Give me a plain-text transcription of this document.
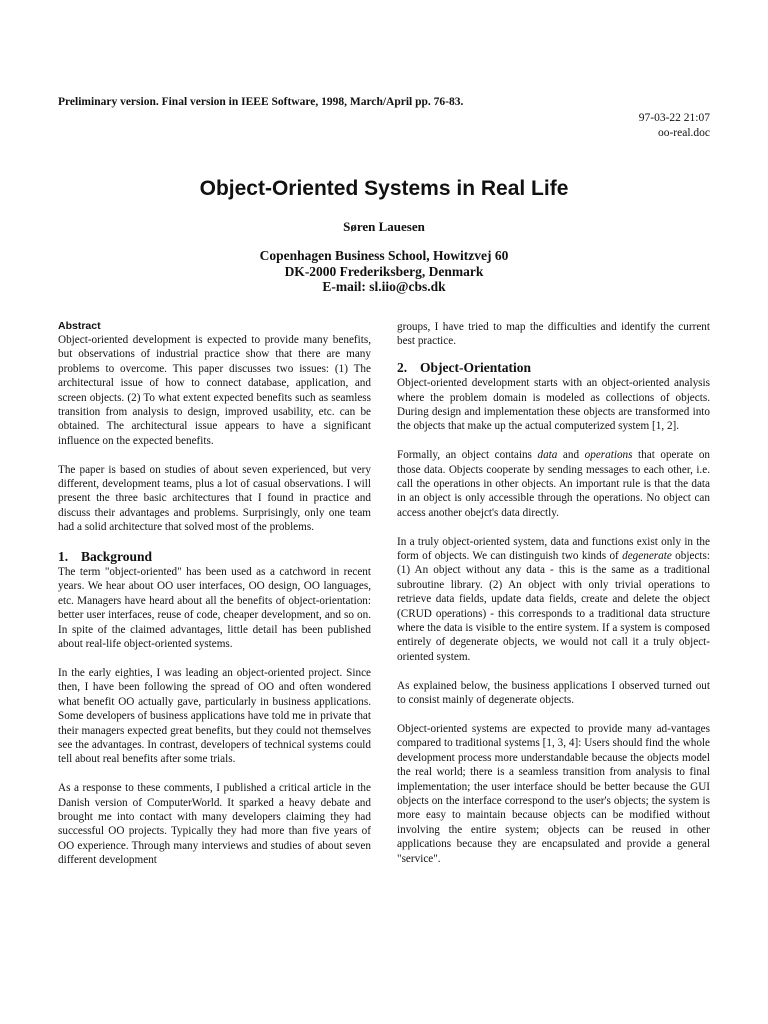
Preliminary version. Final version in IEEE Software, 1998, March/April pp. 76-83.
97-03-22 21:07
oo-real.doc
Object-Oriented Systems in Real Life
Søren Lauesen
Copenhagen Business School, Howitzvej 60
DK-2000 Frederiksberg, Denmark
E-mail: sl.iio@cbs.dk
Abstract

Object-oriented development is expected to provide many benefits, but observations of industrial practice show that there are many problems to overcome. This paper discusses two issues: (1) The architectural issue of how to connect database, application, and screen objects. (2) To what extent expected benefits such as seamless transition from analysis to design, improved usability, etc. can be obtained. The architectural issue appears to have a significant influence on the expected benefits.

The paper is based on studies of about seven experienced, but very different, development teams, plus a lot of casual observations. I will present the three basic architectures that I found in practice and discuss their advantages and problems. Surprisingly, only one team had a solid architecture that solved most of the problems.

1. Background

The term "object-oriented" has been used as a catchword in recent years. We hear about OO user interfaces, OO design, OO languages, etc. Managers have heard about all the benefits of object-orientation: better user interfaces, reuse of code, cheaper development, and so on. In spite of the claimed advantages, little detail has been published about real-life object-oriented systems.

In the early eighties, I was leading an object-oriented project. Since then, I have been following the spread of OO and often wondered what benefit OO actually gave, particularly in business applications. Some developers of business applications have told me in private that their managers expected great benefits, but they could not themselves see the advantages. In contrast, developers of technical systems could tell about real benefits after some trials.

As a response to these comments, I published a critical article in the Danish version of ComputerWorld. It sparked a heavy debate and brought me into contact with many developers claiming they had successful OO projects. Typically they had more than five years of OO experience. Through many interviews and studies of about seven different development

groups, I have tried to map the difficulties and identify the current best practice.

2. Object-Orientation

Object-oriented development starts with an object-oriented analysis where the problem domain is modeled as collections of objects. During design and implementation these objects are transformed into the objects that make up the actual computerized system [1, 2].

Formally, an object contains data and operations that operate on those data. Objects cooperate by sending messages to each other, i.e. call the operations in other objects. An important rule is that the data in an object is only accessible through the operations. No object can access another obejct's data directly.

In a truly object-oriented system, data and functions exist only in the form of objects. We can distinguish two kinds of degenerate objects: (1) An object without any data - this is the same as a traditional subroutine library. (2) An object with only trivial operations to retrieve data fields, update data fields, create and delete the object (CRUD operations) - this corresponds to a traditional data structure where the data is visible to the entire system. If a system is composed entirely of degenerate objects, we would not call it a truly object-oriented system.

As explained below, the business applications I observed turned out to consist mainly of degenerate objects.

Object-oriented systems are expected to provide many ad-vantages compared to traditional systems [1, 3, 4]: Users should find the whole development process more understandable because the objects model the real world; there is a seamless transition from analysis to final implementation; the user interface should be better because the GUI objects on the interface correspond to the user's objects; the system is more easy to maintain because objects can be modified without involving the entire system; objects can be reused in other applications because they are encapsulated and provide a general "service".
